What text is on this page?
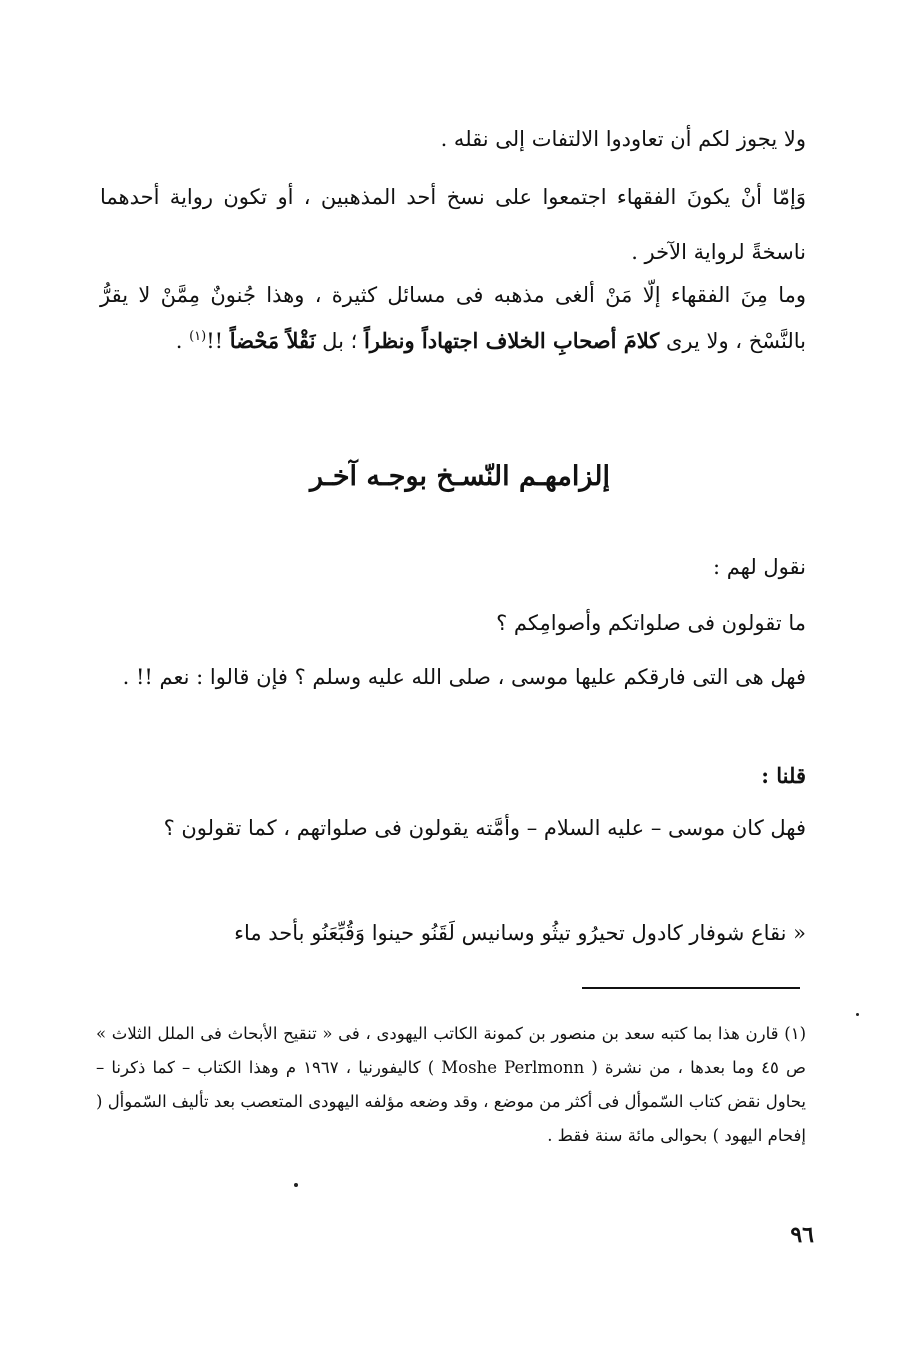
ولا يجوز لكم أن تعاودوا الالتفات إلى نقله .

وَإمّا أنْ يكونَ الفقهاء اجتمعوا على نسخ أحد المذهبين ، أو تكون رواية أحدهما ناسخةً لرواية الآخر .

وما مِنَ الفقهاء إلّا مَنْ ألغى مذهبه فى مسائل كثيرة ، وهذا جُنونٌ مِمَّنْ لا يقرُّ بالنَّسْخ ، ولا يرى كلامَ أصحابِ الخلاف اجتهاداً ونظراً ؛ بل نَقْلاً مَحْضاً !!$^{(١)}$ .

إلزامهـم النّسـخ بوجـه آخـر

نقول لهم :

ما تقولون فى صلواتكم وأصوامِكم ؟

فهل هى التى فارقكم عليها موسى ، صلى الله عليه وسلم ؟ فإن قالوا : نعم !! .

قلنا :

فهل كان موسى – عليه السلام – وأمَّته يقولون فى صلواتهم ، كما تقولون ؟

« نقاع شوفار كادول تحيرُو تيثُو وسانيس لَقَنُو حينوا وَقُبِّعَنُو بأحد ماء

(١) قارن هذا بما كتبه سعد بن منصور بن كمونة الكاتب اليهودى ، فى « تنقيح الأبحاث فى الملل الثلاث » ص ٤٥ وما بعدها ، من نشرة ( Moshe Perlmonn ) كاليفورنيا ، ١٩٦٧ م وهذا الكتاب – كما ذكرنا – يحاول نقض كتاب السّموأل فى أكثر من موضع ، وقد وضعه مؤلفه اليهودى المتعصب بعد تأليف السّموأل ( إفحام اليهود ) بحوالى مائة سنة فقط .

٩٦
